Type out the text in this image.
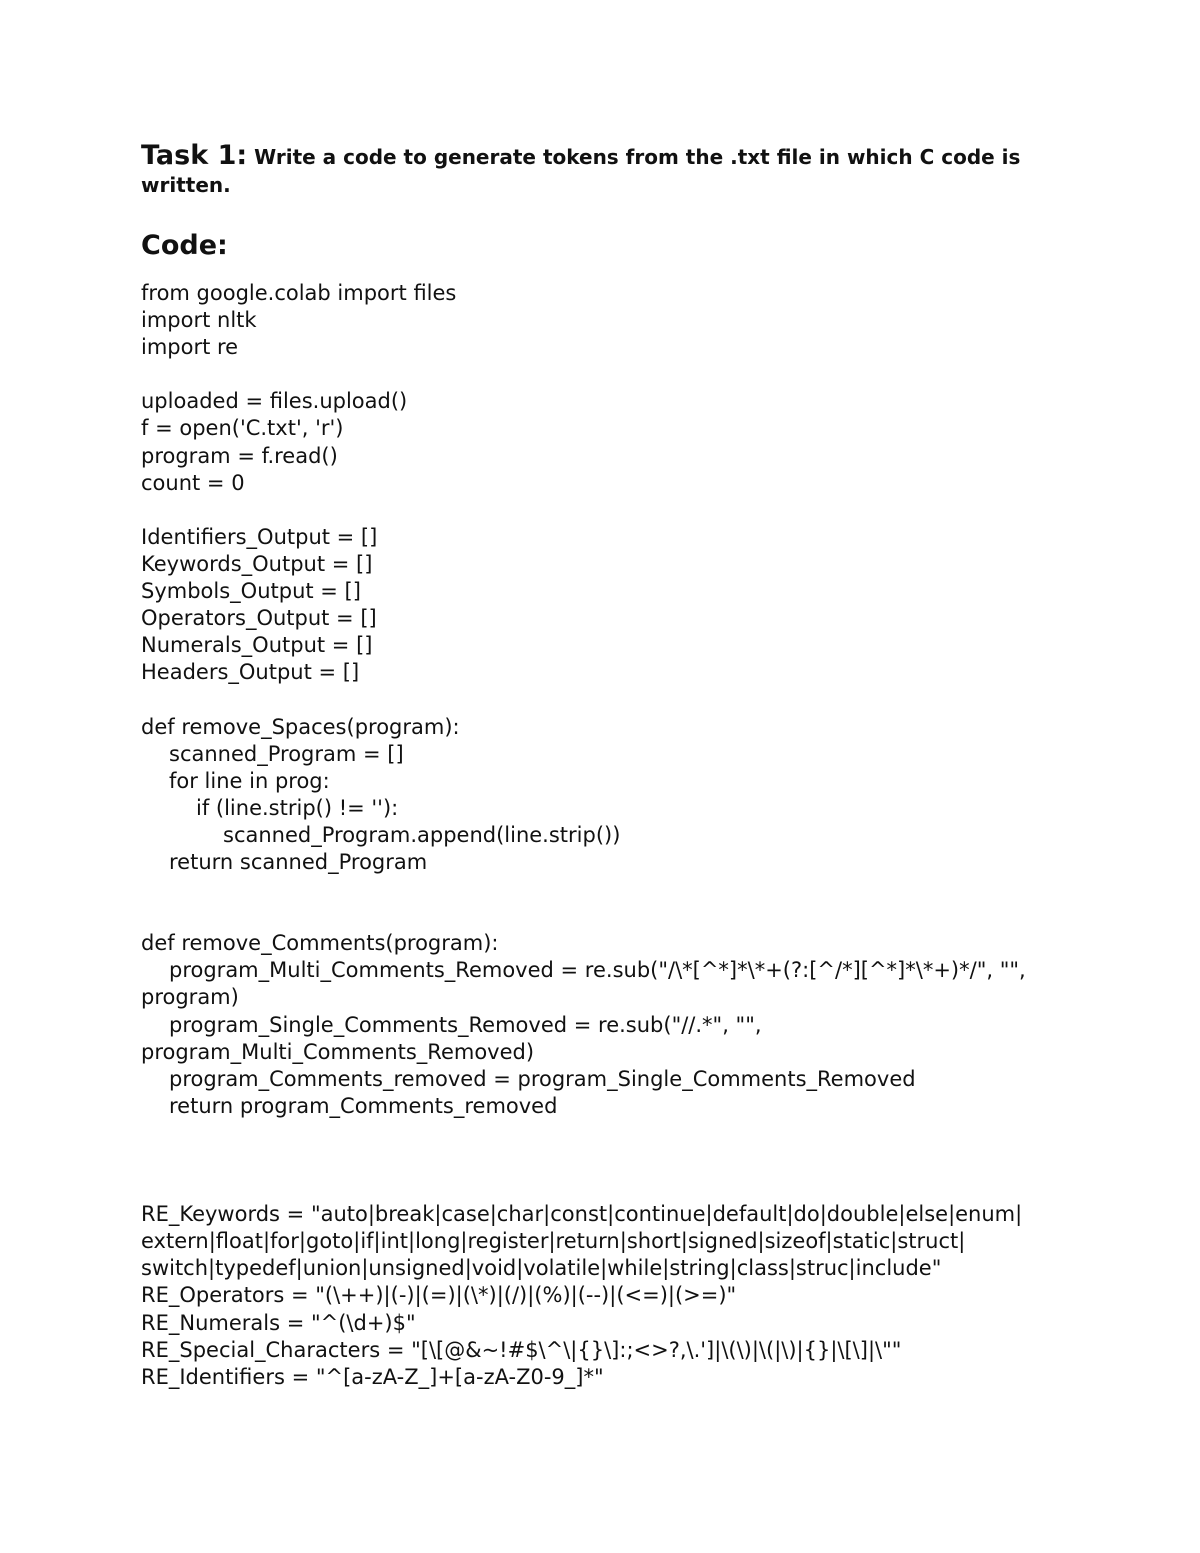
Task 1: Write a code to generate tokens from the .txt file in which C code is written.
Code:
from google.colab import files
import nltk
import re
uploaded = files.upload()
f = open('C.txt', 'r')
program = f.read()
count = 0
Identifiers_Output = []
Keywords_Output = []
Symbols_Output = []
Operators_Output = []
Numerals_Output = []
Headers_Output = []
def remove_Spaces(program):
scanned_Program = []
for line in prog:
if (line.strip() != ''):
scanned_Program.append(line.strip())
return scanned_Program
def remove_Comments(program):
program_Multi_Comments_Removed = re.sub("/\*[^*]*\*+(?:[^/*][^*]*\*+)*/", "",
program)
program_Single_Comments_Removed = re.sub("//.*", "",
program_Multi_Comments_Removed)
program_Comments_removed = program_Single_Comments_Removed
return program_Comments_removed
RE_Keywords = "auto|break|case|char|const|continue|default|do|double|else|enum|
extern|float|for|goto|if|int|long|register|return|short|signed|sizeof|static|struct|
switch|typedef|union|unsigned|void|volatile|while|string|class|struc|include"
RE_Operators = "(\++)|(-)|(=)|(\*)|(/)|(%)|(--)|(<=)|(>=)"
RE_Numerals = "^(\d+)$"
RE_Special_Characters = "[\[@&~!#$\^\|{}\]:;<>?,\.']|\(\)|\(|\)|{}|\[\]|\""
RE_Identifiers = "^[a-zA-Z_]+[a-zA-Z0-9_]*"
